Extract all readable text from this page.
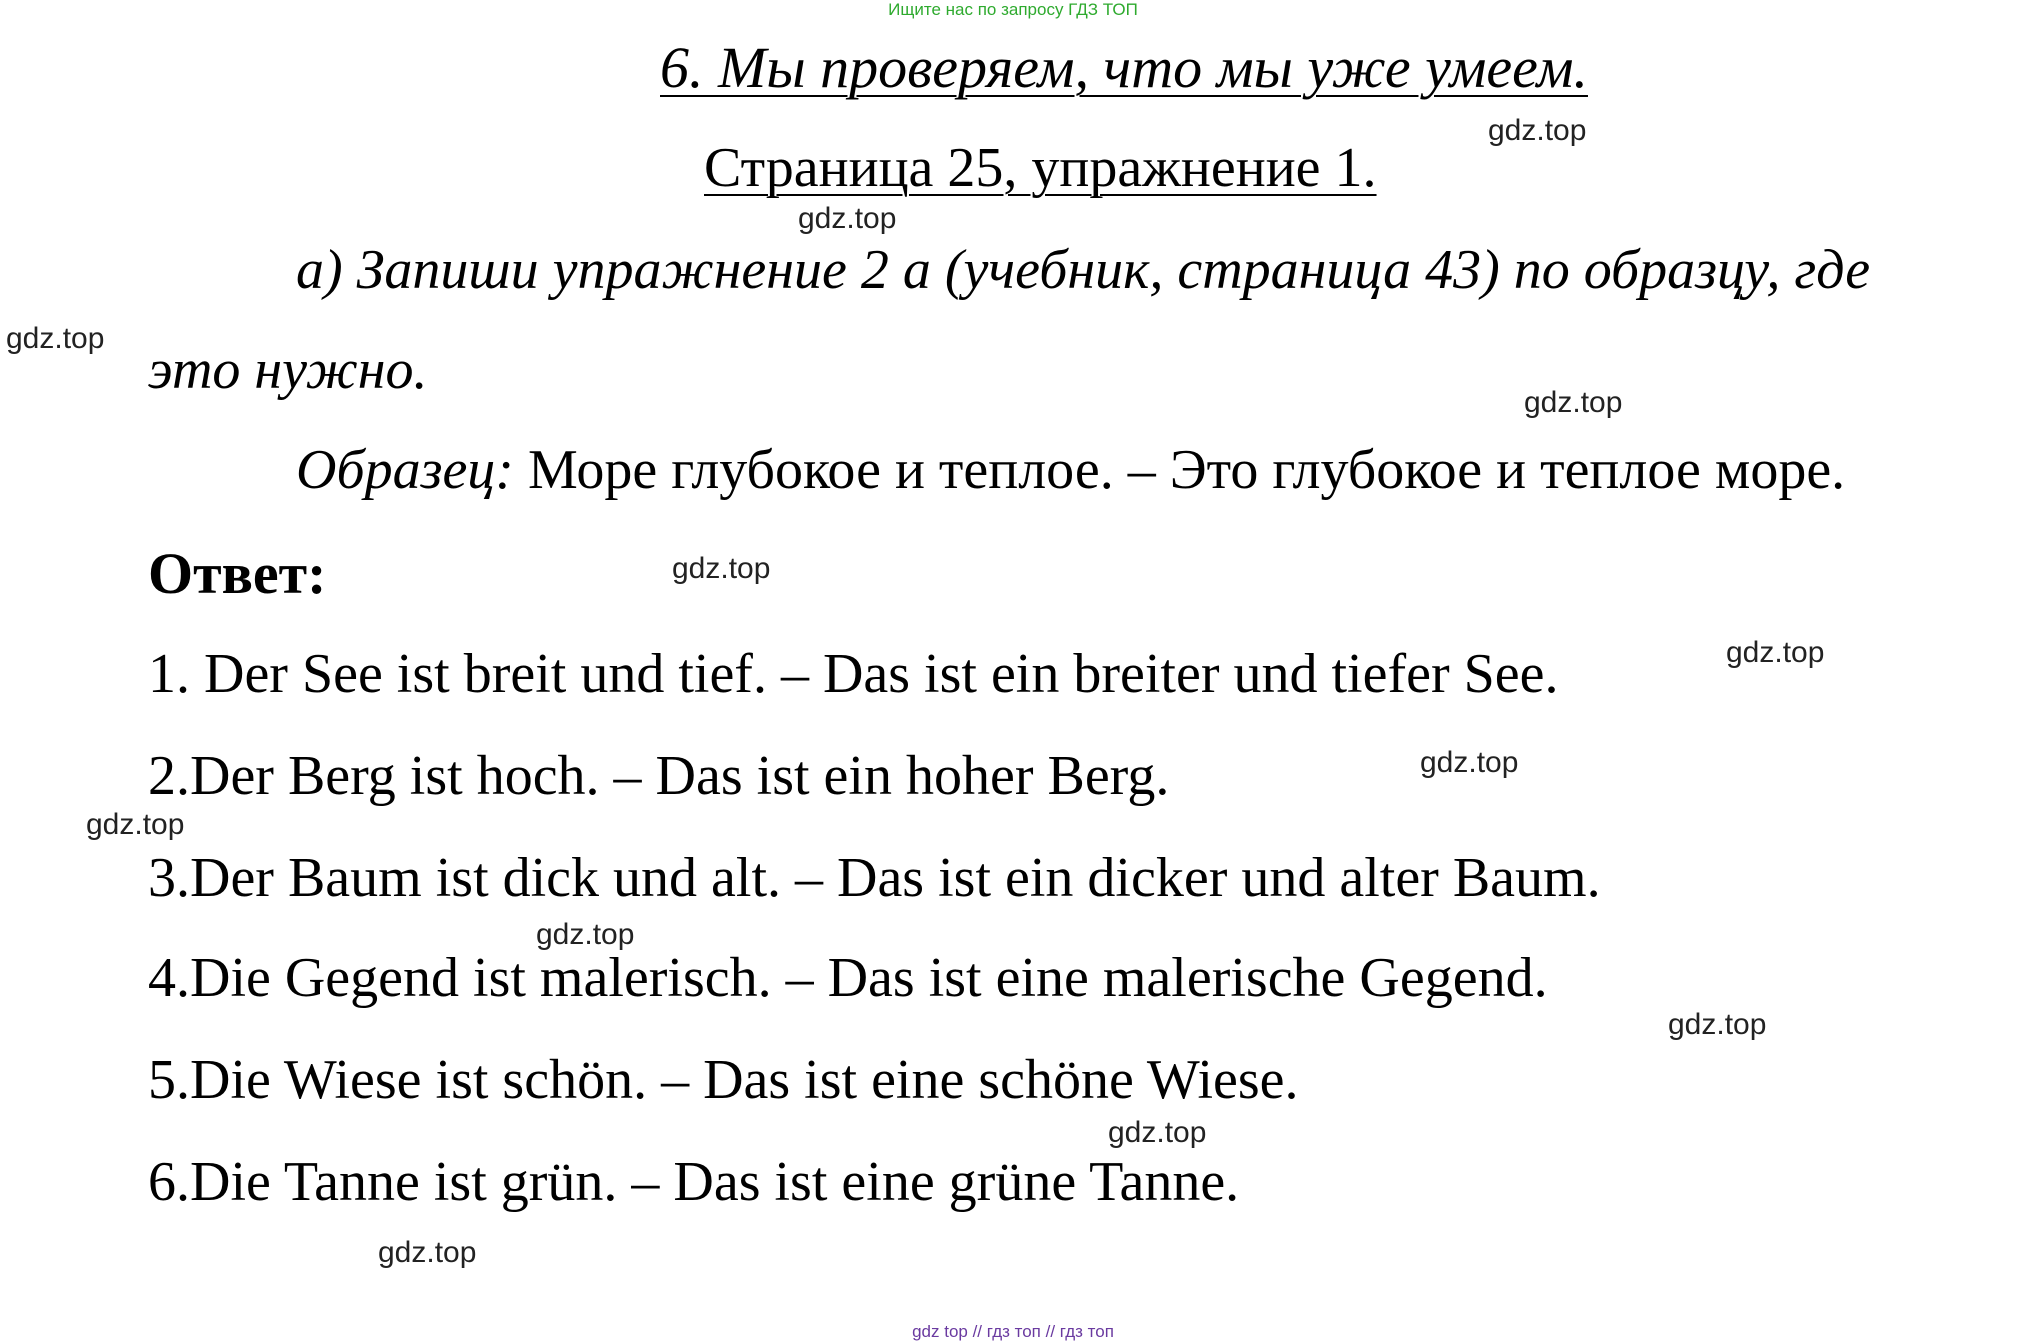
Ищите нас по запросу ГДЗ ТОП
6. Мы проверяем, что мы уже умеем.
Страница 25, упражнение 1.
а) Запиши упражнение 2 а (учебник, страница 43) по образцу, где
это нужно.
Образец: Море глубокое и теплое. – Это глубокое и теплое море.
Ответ:
1. Der See ist breit und tief. – Das ist ein breiter und tiefer See.
2.Der Berg ist hoch. – Das ist ein hoher Berg.
3.Der Baum ist dick und alt. – Das ist ein dicker und alter Baum.
4.Die Gegend ist malerisch. – Das ist eine malerische Gegend.
5.Die Wiese ist schön. – Das ist eine schöne Wiese.
6.Die Tanne ist grün. – Das ist eine grüne Tanne.
gdz.top
gdz.top
gdz.top
gdz.top
gdz.top
gdz.top
gdz.top
gdz.top
gdz.top
gdz.top
gdz.top
gdz.top
gdz top // гдз топ // гдз топ
